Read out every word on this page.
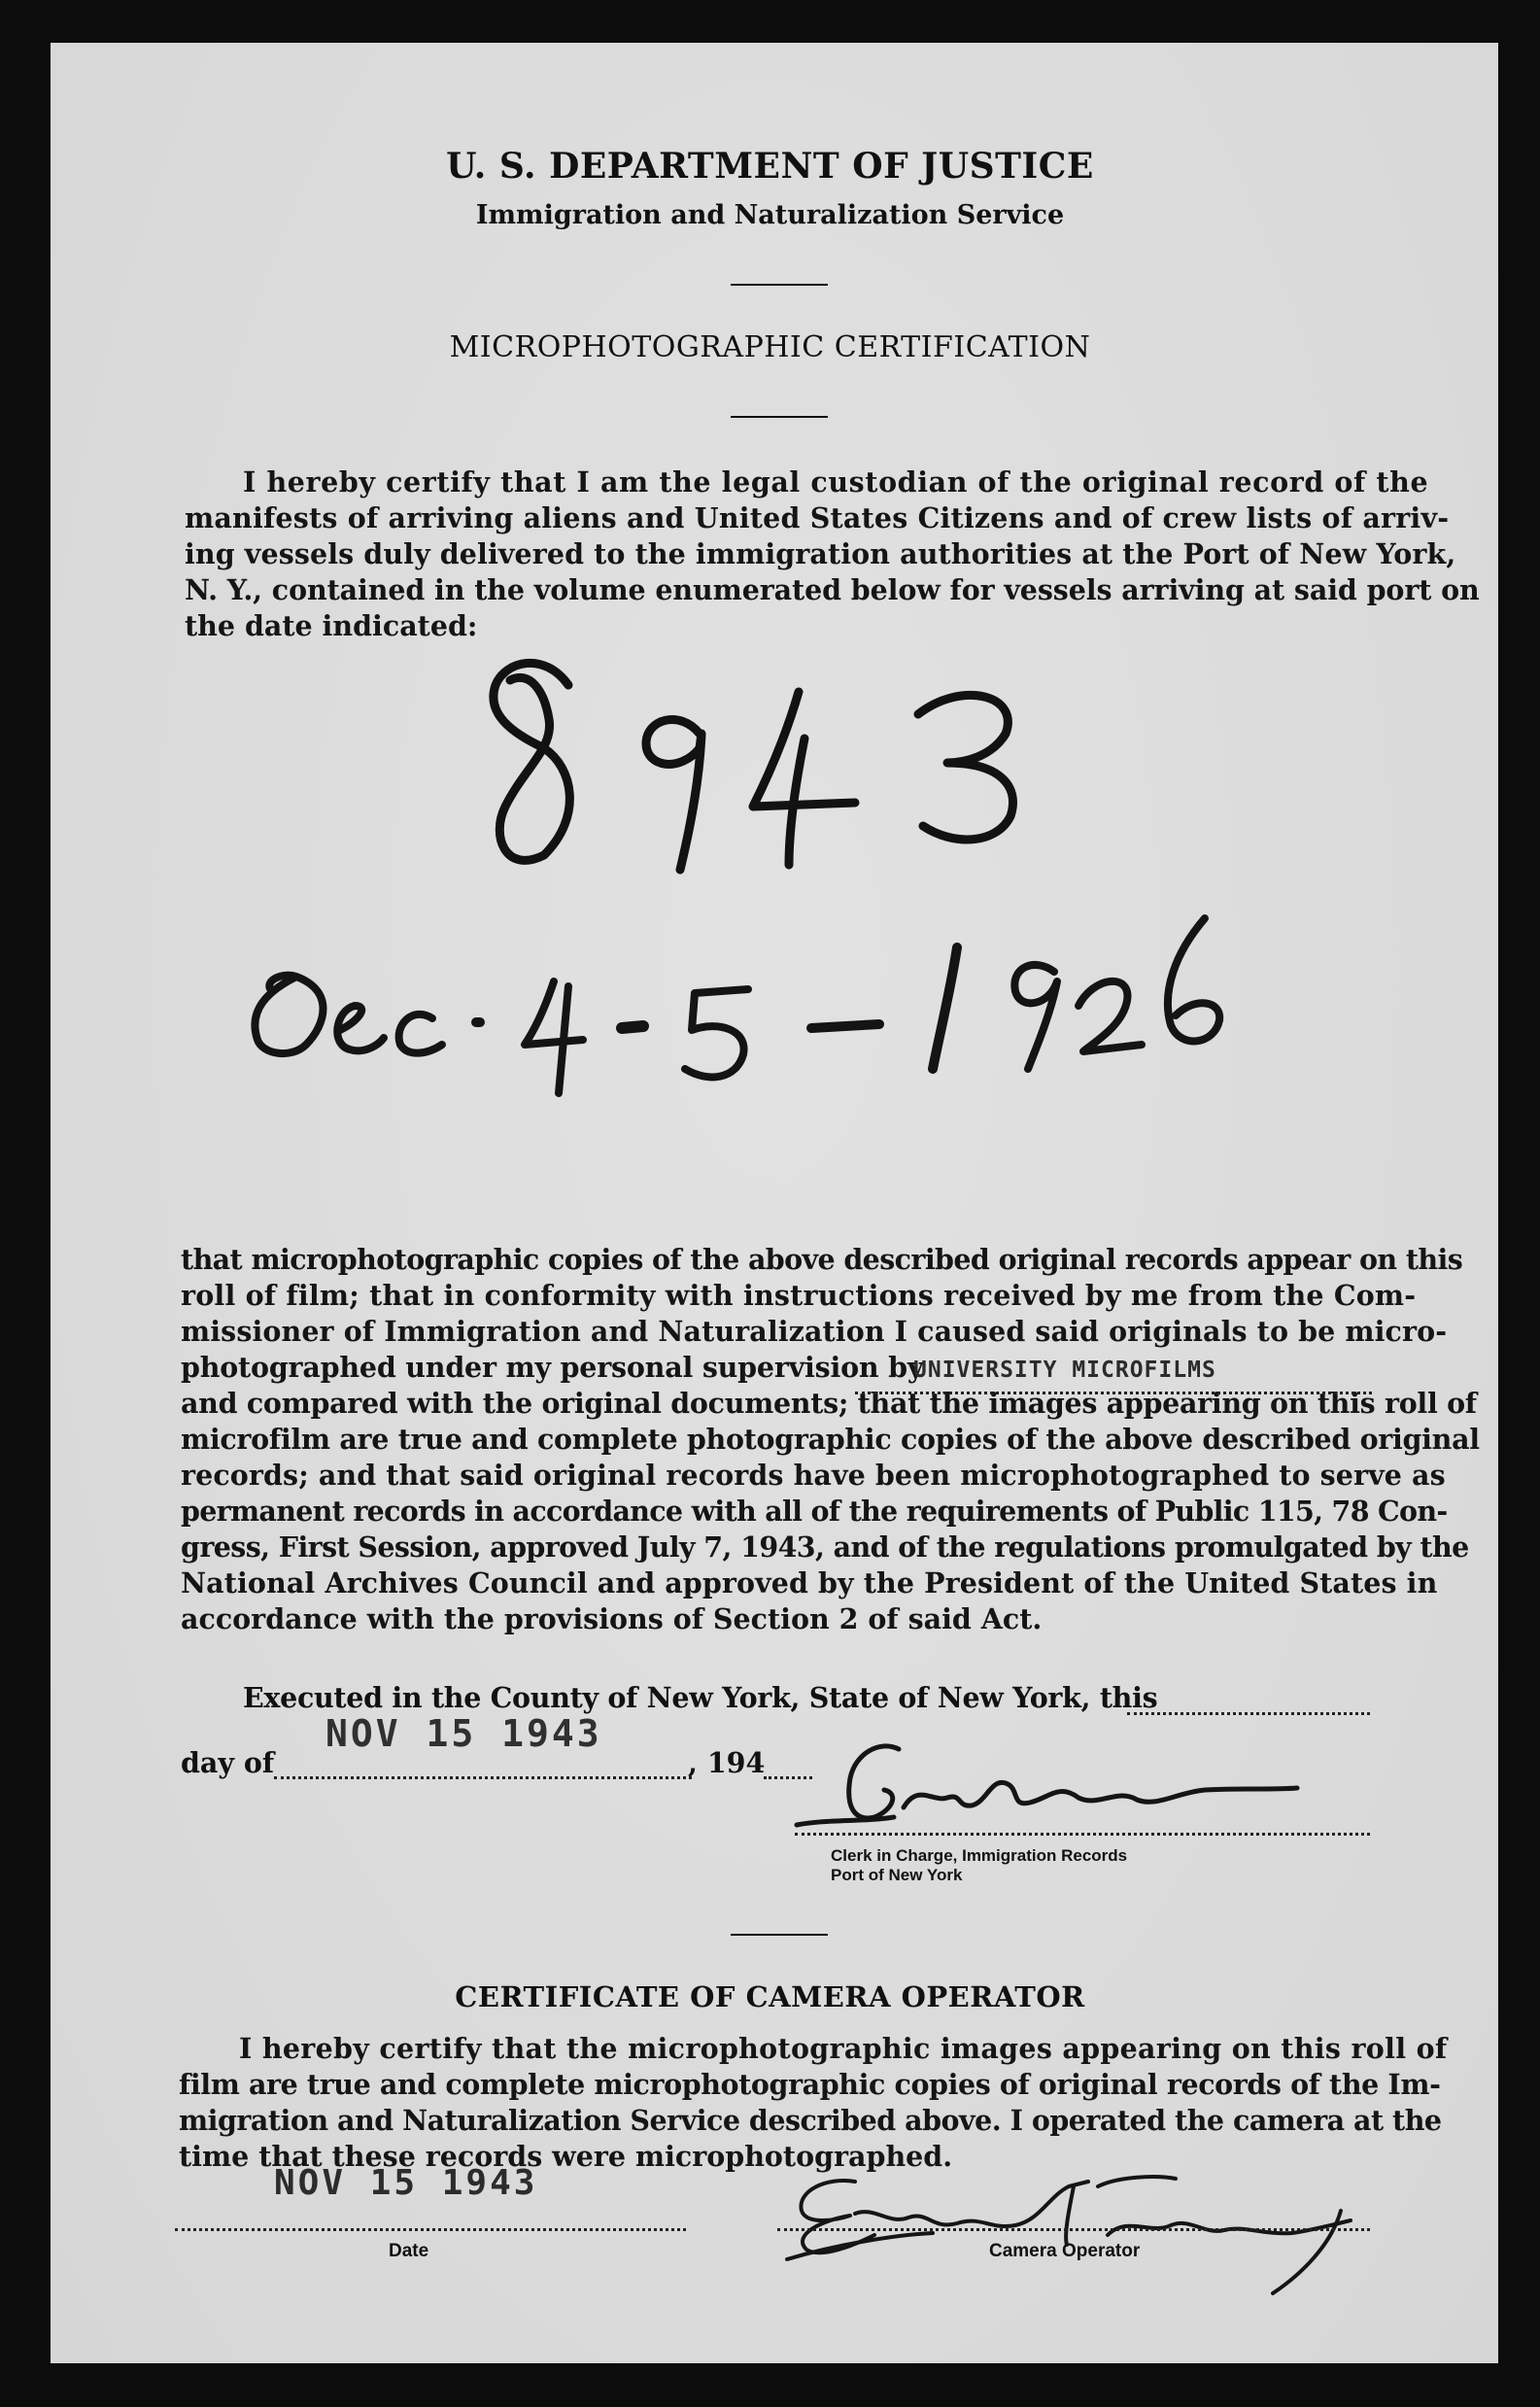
U. S. DEPARTMENT OF JUSTICE
Immigration and Naturalization Service
MICROPHOTOGRAPHIC CERTIFICATION
I hereby certify that I am the legal custodian of the original record of the
manifests of arriving aliens and United States Citizens and of crew lists of arriv-
ing vessels duly delivered to the immigration authorities at the Port of New York,
N. Y., contained in the volume enumerated below for vessels arriving at said port on
the date indicated:
that microphotographic copies of the above described original records appear on this
roll of film; that in conformity with instructions received by me from the Com-
missioner of Immigration and Naturalization I caused said originals to be micro-
photographed under my personal supervision by
and compared with the original documents; that the images appearing on this roll of
microfilm are true and complete photographic copies of the above described original
records; and that said original records have been microphotographed to serve as
permanent records in accordance with all of the requirements of Public 115, 78 Con-
gress, First Session, approved July 7, 1943, and of the regulations promulgated by the
National Archives Council and approved by the President of the United States in
accordance with the provisions of Section 2 of said Act.
UNIVERSITY MICROFILMS
Executed in the County of New York, State of New York, this
day of
NOV 15 1943
, 194
Clerk in Charge, Immigration Records
Port of New York
CERTIFICATE OF CAMERA OPERATOR
I hereby certify that the microphotographic images appearing on this roll of
film are true and complete microphotographic copies of original records of the Im-
migration and Naturalization Service described above. I operated the camera at the
time that these records were microphotographed.
NOV 15 1943
Date	Camera Operator
